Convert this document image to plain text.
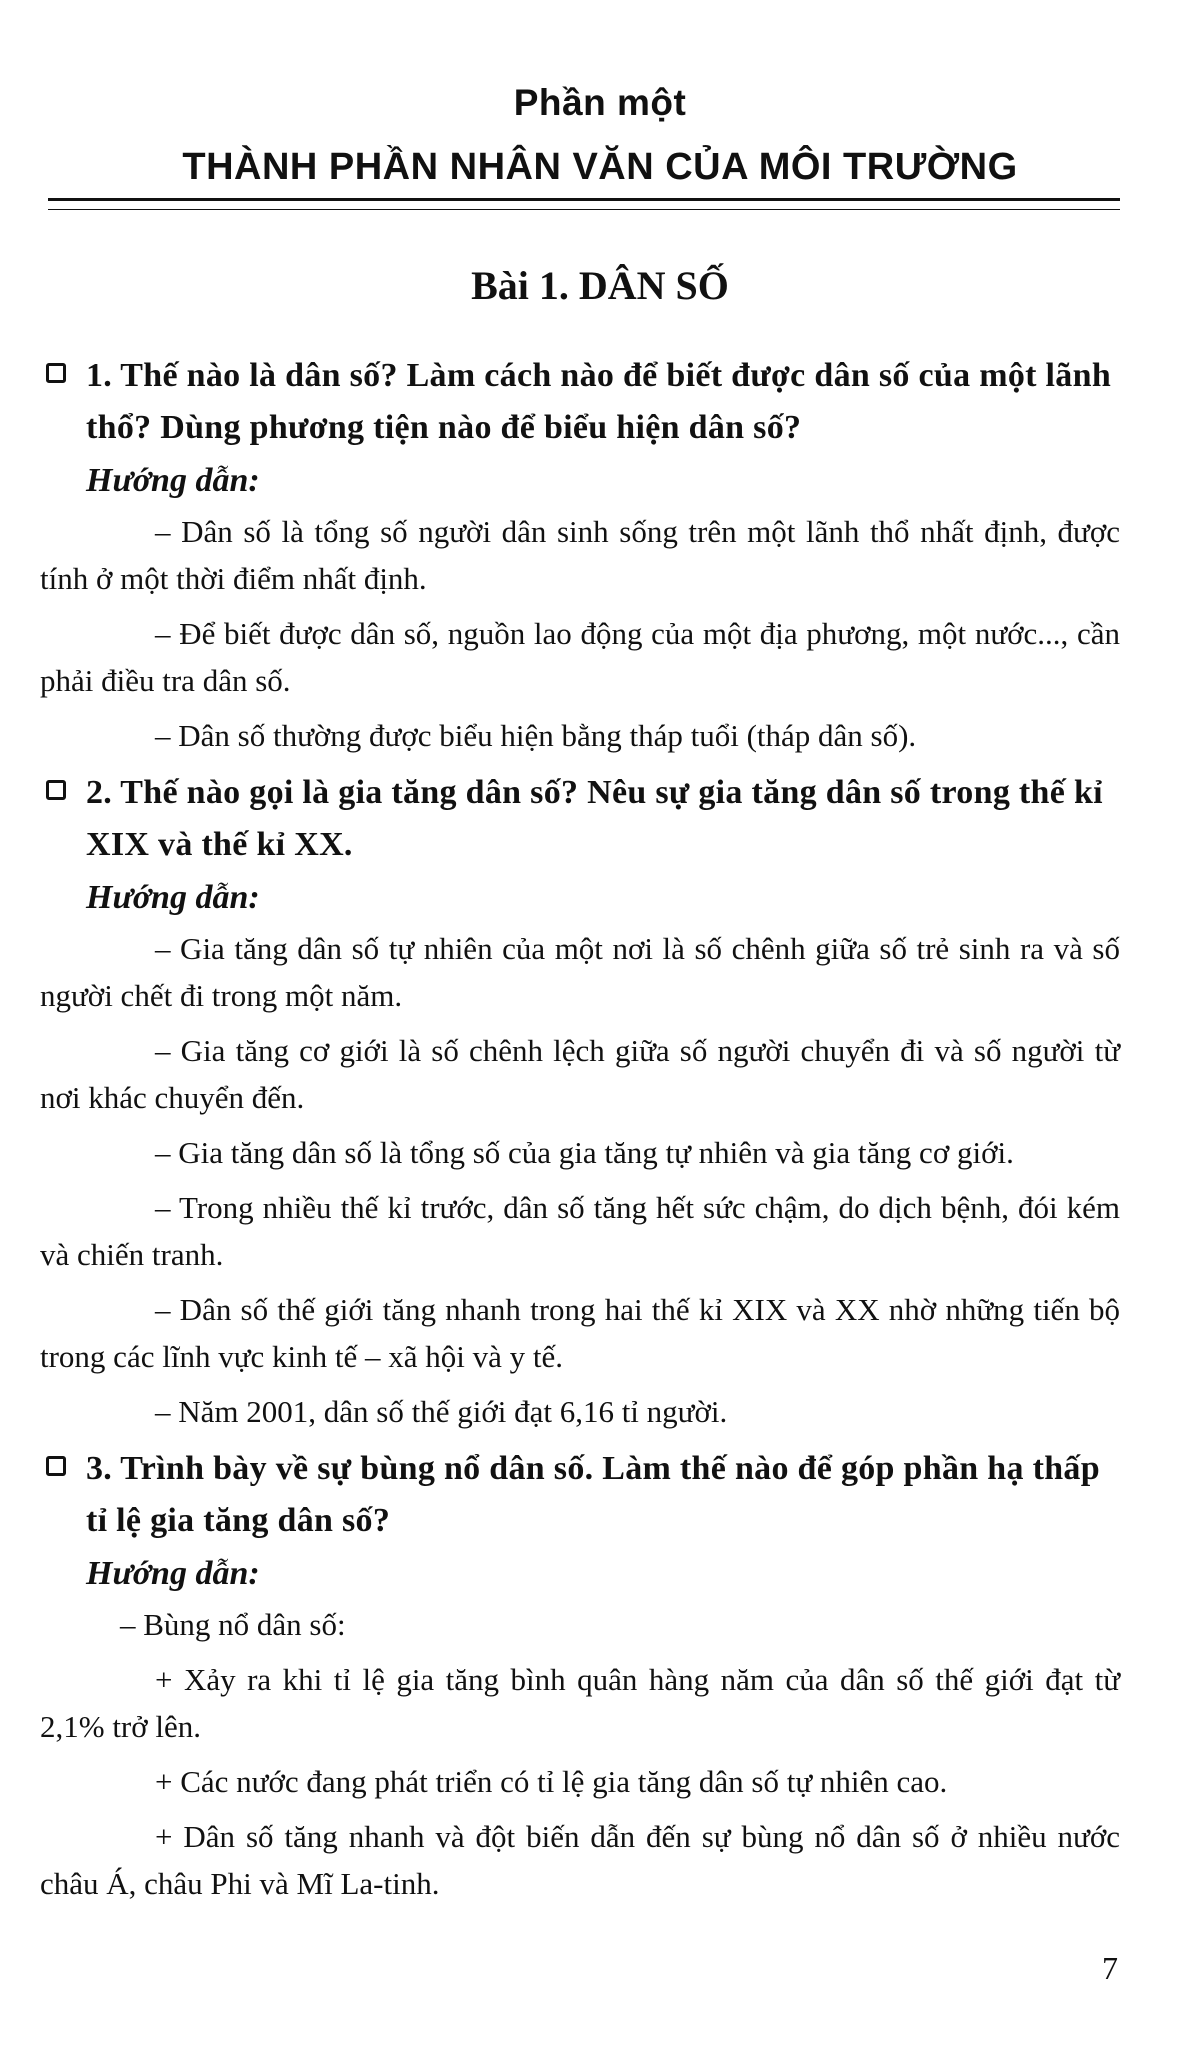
Phần một
THÀNH PHẦN NHÂN VĂN CỦA MÔI TRƯỜNG
Bài 1. DÂN SỐ
1. Thế nào là dân số? Làm cách nào để biết được dân số của một lãnh thổ? Dùng phương tiện nào để biểu hiện dân số?
Hướng dẫn:
– Dân số là tổng số người dân sinh sống trên một lãnh thổ nhất định, được tính ở một thời điểm nhất định.
– Để biết được dân số, nguồn lao động của một địa phương, một nước..., cần phải điều tra dân số.
– Dân số thường được biểu hiện bằng tháp tuổi (tháp dân số).
2. Thế nào gọi là gia tăng dân số? Nêu sự gia tăng dân số trong thế kỉ XIX và thế kỉ XX.
Hướng dẫn:
– Gia tăng dân số tự nhiên của một nơi là số chênh giữa số trẻ sinh ra và số người chết đi trong một năm.
– Gia tăng cơ giới là số chênh lệch giữa số người chuyển đi và số người từ nơi khác chuyển đến.
– Gia tăng dân số là tổng số của gia tăng tự nhiên và gia tăng cơ giới.
– Trong nhiều thế kỉ trước, dân số tăng hết sức chậm, do dịch bệnh, đói kém và chiến tranh.
– Dân số thế giới tăng nhanh trong hai thế kỉ XIX và XX nhờ những tiến bộ trong các lĩnh vực kinh tế – xã hội và y tế.
– Năm 2001, dân số thế giới đạt 6,16 tỉ người.
3. Trình bày về sự bùng nổ dân số. Làm thế nào để góp phần hạ thấp tỉ lệ gia tăng dân số?
Hướng dẫn:
– Bùng nổ dân số:
+ Xảy ra khi tỉ lệ gia tăng bình quân hàng năm của dân số thế giới đạt từ 2,1% trở lên.
+ Các nước đang phát triển có tỉ lệ gia tăng dân số tự nhiên cao.
+ Dân số tăng nhanh và đột biến dẫn đến sự bùng nổ dân số ở nhiều nước châu Á, châu Phi và Mĩ La-tinh.
7
